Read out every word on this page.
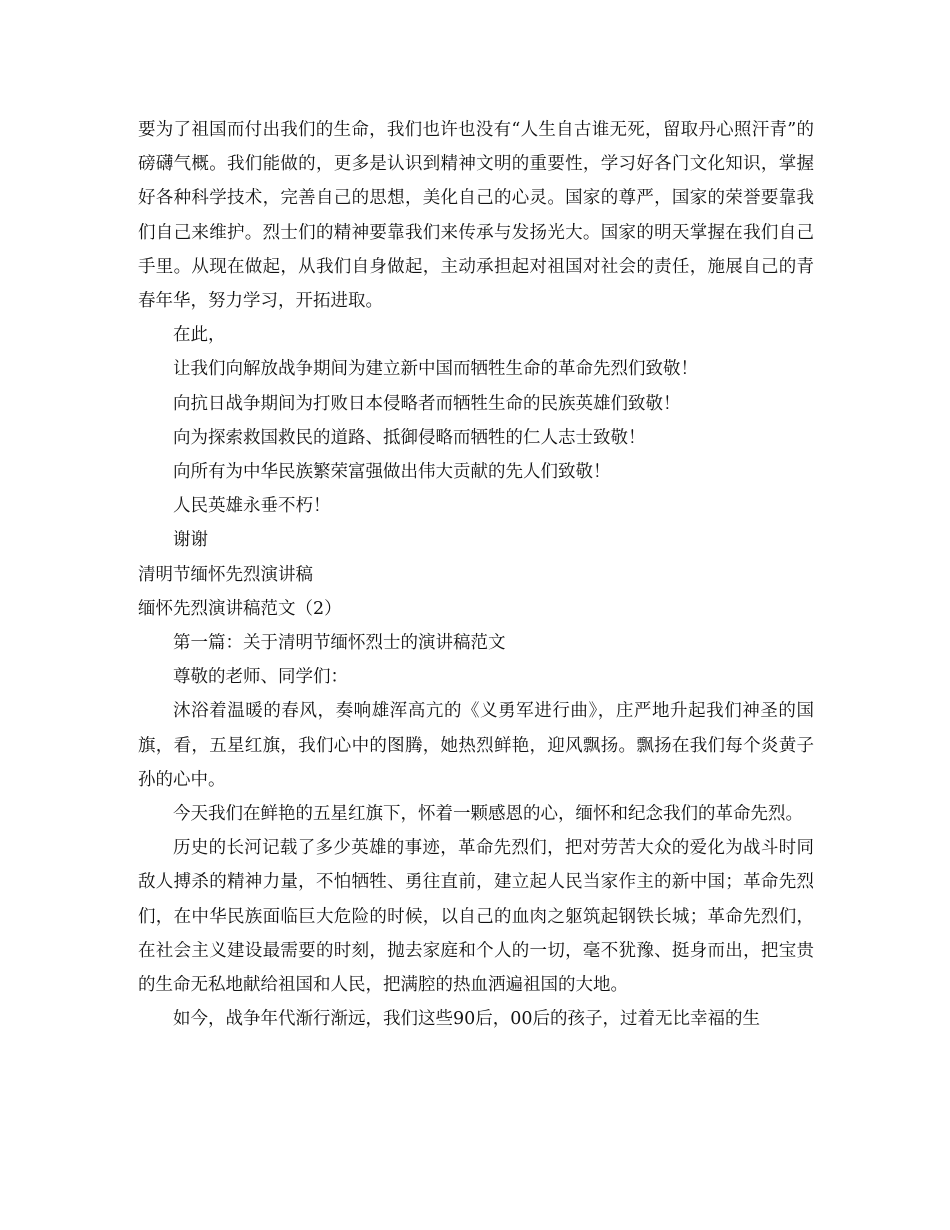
要为了祖国而付出我们的生命，我们也许也没有“人生自古谁无死，留取丹心照汗青”的磅礴气概。我们能做的，更多是认识到精神文明的重要性，学习好各门文化知识，掌握好各种科学技术，完善自己的思想，美化自己的心灵。国家的尊严，国家的荣誉要靠我们自己来维护。烈士们的精神要靠我们来传承与发扬光大。国家的明天掌握在我们自己手里。从现在做起，从我们自身做起，主动承担起对祖国对社会的责任，施展自己的青春年华，努力学习，开拓进取。

在此，

让我们向解放战争期间为建立新中国而牺牲生命的革命先烈们致敬！

向抗日战争期间为打败日本侵略者而牺牲生命的民族英雄们致敬！

向为探索救国救民的道路、抵御侵略而牺牲的仁人志士致敬！

向所有为中华民族繁荣富强做出伟大贡献的先人们致敬！

人民英雄永垂不朽！

谢谢

清明节缅怀先烈演讲稿

缅怀先烈演讲稿范文（2）

第一篇：关于清明节缅怀烈士的演讲稿范文

尊敬的老师、同学们：

沐浴着温暖的春风，奏响雄浑高亢的《义勇军进行曲》，庄严地升起我们神圣的国旗，看，五星红旗，我们心中的图腾，她热烈鲜艳，迎风飘扬。飘扬在我们每个炎黄子孙的心中。

今天我们在鲜艳的五星红旗下，怀着一颗感恩的心，缅怀和纪念我们的革命先烈。

历史的长河记载了多少英雄的事迹，革命先烈们，把对劳苦大众的爱化为战斗时同敌人搏杀的精神力量，不怕牺牲、勇往直前，建立起人民当家作主的新中国；革命先烈们，在中华民族面临巨大危险的时候，以自己的血肉之躯筑起钢铁长城；革命先烈们，在社会主义建设最需要的时刻，抛去家庭和个人的一切，毫不犹豫、挺身而出，把宝贵的生命无私地献给祖国和人民，把满腔的热血洒遍祖国的大地。

如今，战争年代渐行渐远，我们这些90后，00后的孩子，过着无比幸福的生
